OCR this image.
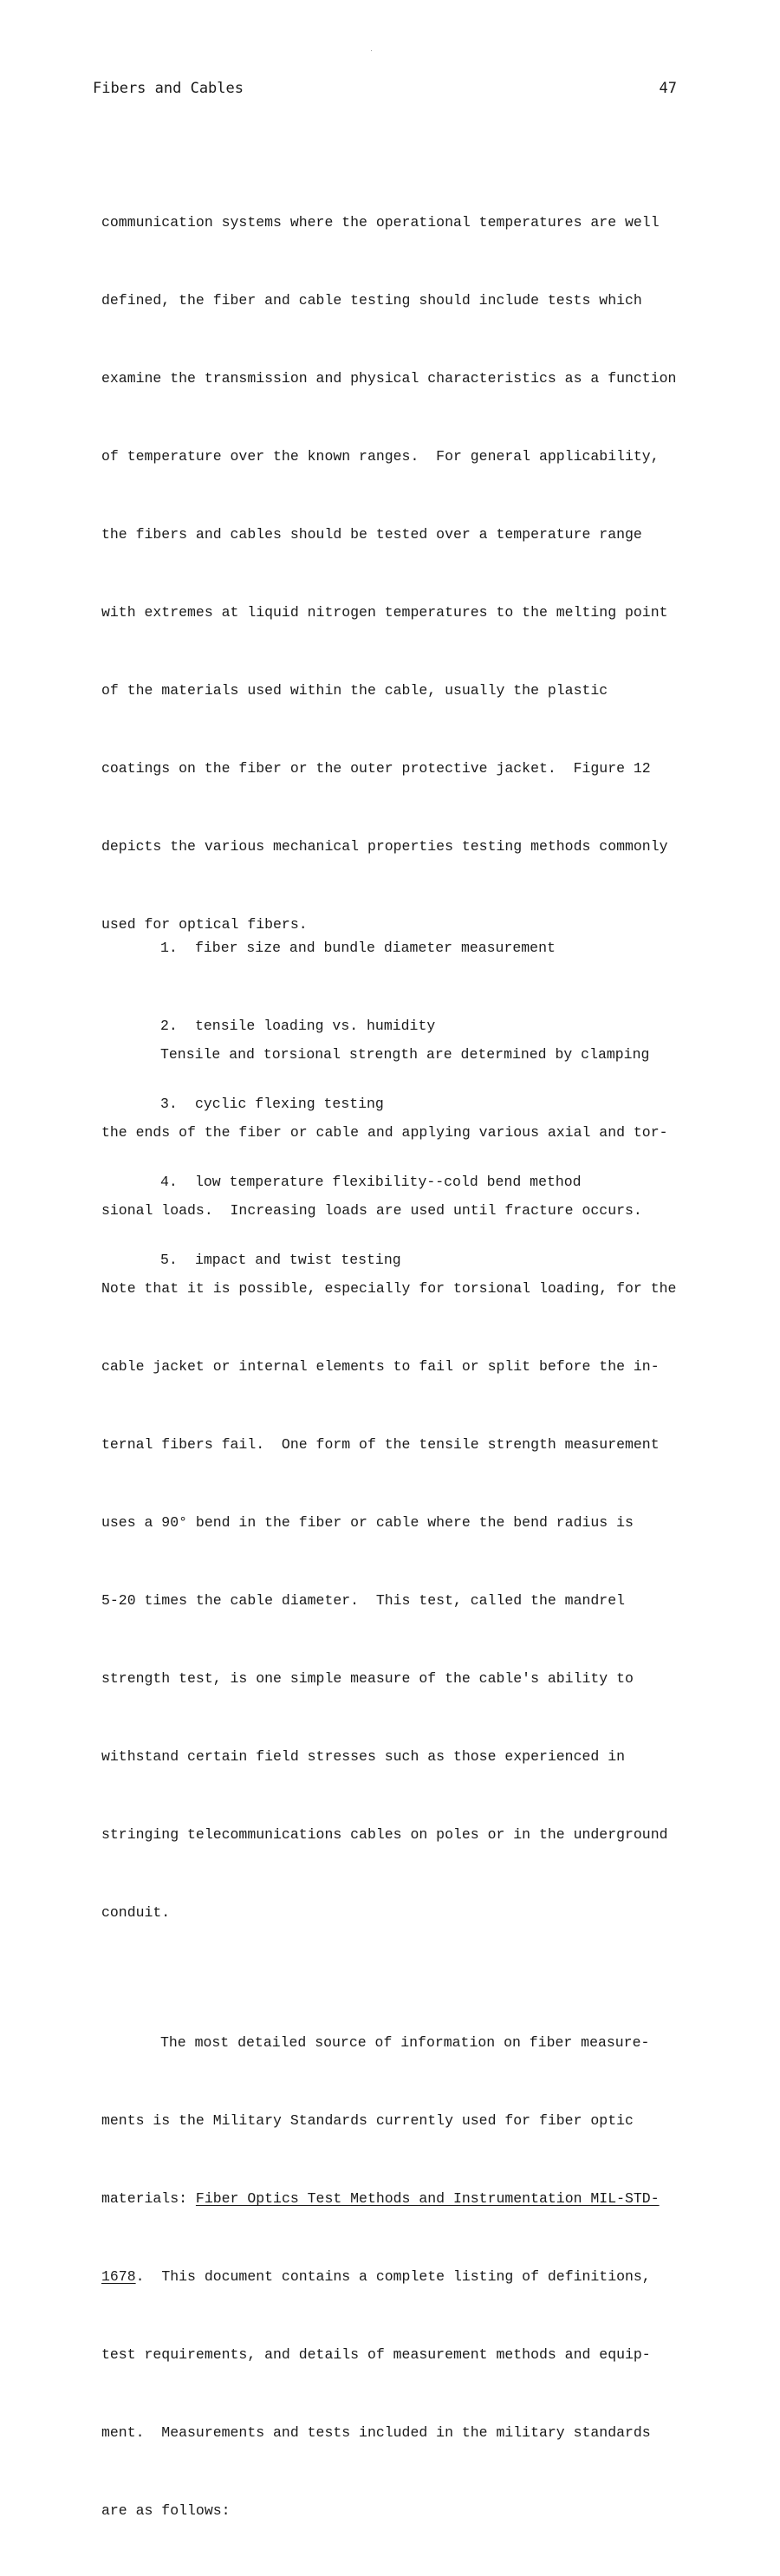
Fibers and Cables	47

communication systems where the operational temperatures are well

defined, the fiber and cable testing should include tests which

examine the transmission and physical characteristics as a function

of temperature over the known ranges.  For general applicability,

the fibers and cables should be tested over a temperature range

with extremes at liquid nitrogen temperatures to the melting point

of the materials used within the cable, usually the plastic

coatings on the fiber or the outer protective jacket.  Figure 12

depicts the various mechanical properties testing methods commonly

used for optical fibers.

Tensile and torsional strength are determined by clamping

the ends of the fiber or cable and applying various axial and tor-

sional loads.  Increasing loads are used until fracture occurs.

Note that it is possible, especially for torsional loading, for the

cable jacket or internal elements to fail or split before the in-

ternal fibers fail.  One form of the tensile strength measurement

uses a 90° bend in the fiber or cable where the bend radius is

5-20 times the cable diameter.  This test, called the mandrel

strength test, is one simple measure of the cable's ability to

withstand certain field stresses such as those experienced in

stringing telecommunications cables on poles or in the underground

conduit.

The most detailed source of information on fiber measure-

ments is the Military Standards currently used for fiber optic

materials: Fiber Optics Test Methods and Instrumentation MIL-STD-

1678.  This document contains a complete listing of definitions,

test requirements, and details of measurement methods and equip-

ment.  Measurements and tests included in the military standards

are as follows:

1. fiber size and bundle diameter measurement

2. tensile loading vs. humidity

3. cyclic flexing testing

4. low temperature flexibility--cold bend method

5. impact and twist testing
